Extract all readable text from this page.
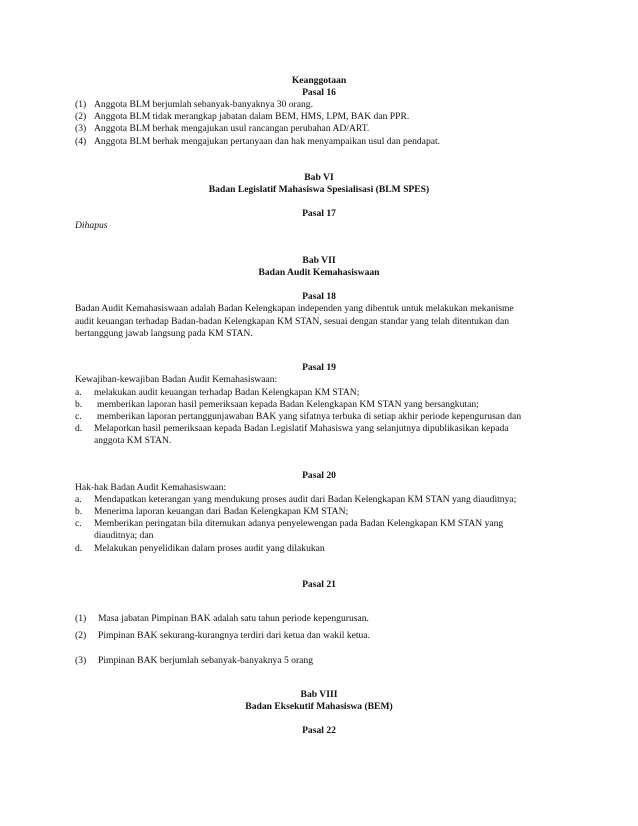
Keanggotaan
Pasal 16
(1) Anggota BLM berjumlah sebanyak-banyaknya 30 orang.
(2) Anggota BLM tidak merangkap jabatan dalam BEM, HMS, LPM, BAK dan PPR.
(3) Anggota BLM berhak mengajukan usul rancangan perubahan AD/ART.
(4) Anggota BLM berhak mengajukan pertanyaan dan hak menyampaikan usul dan pendapat.
Bab VI
Badan Legislatif Mahasiswa Spesialisasi (BLM SPES)
Pasal 17
Dihapus
Bab VII
Badan Audit Kemahasiswaan
Pasal 18
Badan Audit Kemahasiswaan adalah Badan Kelengkapan independen yang dibentuk untuk melakukan mekanisme
audit keuangan terhadap Badan-badan Kelengkapan KM STAN, sesuai dengan standar yang telah ditentukan dan
bertanggung jawab langsung pada KM STAN.
Pasal 19
Kewajiban-kewajiban Badan Audit Kemahasiswaan:
a. melakukan audit keuangan terhadap Badan Kelengkapan KM STAN;
b. memberikan laporan hasil pemeriksaan kepada Badan Kelengkapan KM STAN yang bersangkutan;
c. memberikan laporan pertanggunjawaban BAK yang sifatnya terbuka di setiap akhir periode kepengurusan dan
d. Melaporkan hasil pemeriksaan kepada Badan Legislatif Mahasiswa yang selanjutnya dipublikasikan kepada
anggota KM STAN.
Pasal 20
Hak-hak Badan Audit Kemahasiswaan:
a. Mendapatkan keterangan yang mendukung proses audit dari Badan Kelengkapan KM STAN yang diauditnya;
b. Menerima laporan keuangan dari Badan Kelengkapan KM STAN;
c. Memberikan peringatan bila ditemukan adanya penyelewengan pada Badan Kelengkapan KM STAN yang
diauditnya; dan
d. Melakukan penyelidikan dalam proses audit yang dilakukan
Pasal 21
(1) Masa jabatan Pimpinan BAK adalah satu tahun periode kepengurusan.
(2) Pimpinan BAK sekurang-kurangnya terdiri dari ketua dan wakil ketua.
(3) Pimpinan BAK berjumlah sebanyak-banyaknya 5 orang
Bab VIII
Badan Eksekutif Mahasiswa (BEM)
Pasal 22
